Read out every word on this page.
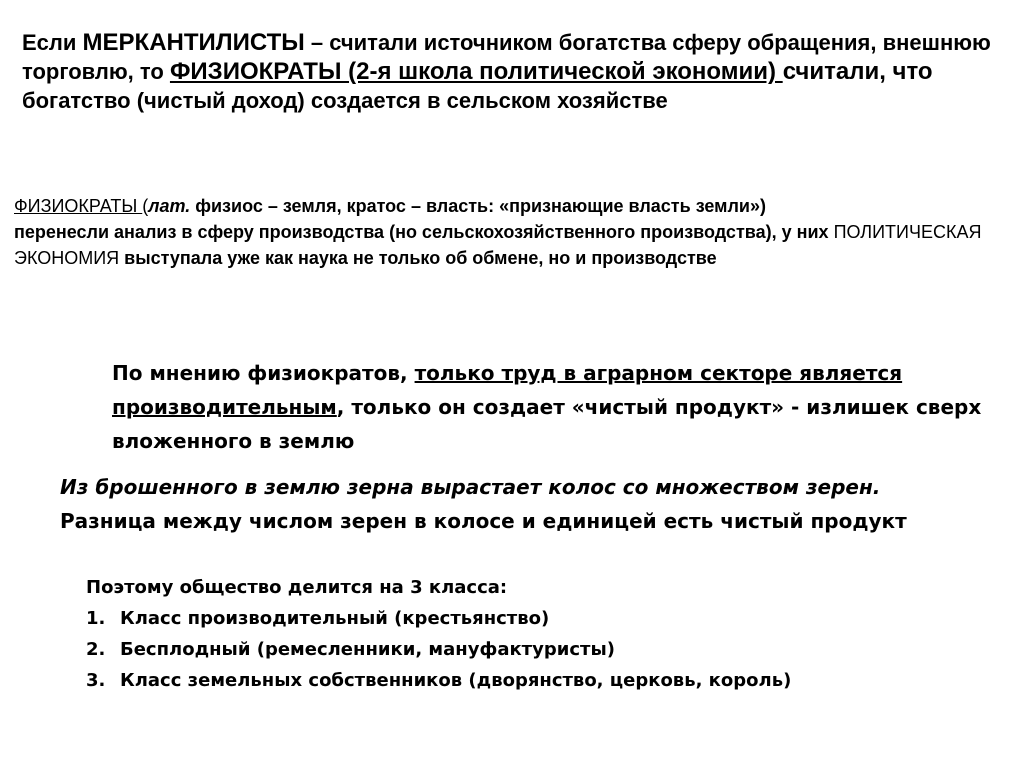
Если МЕРКАНТИЛИСТЫ – считали источником богатства сферу обращения, внешнюю торговлю, то ФИЗИОКРАТЫ (2-я школа политической экономии) считали, что богатство (чистый доход) создается в сельском хозяйстве

ФИЗИОКРАТЫ (лат. физиос – земля, кратос – власть: «признающие власть земли»)
перенесли анализ в сферу производства (но сельскохозяйственного производства), у них ПОЛИТИЧЕСКАЯ ЭКОНОМИЯ выступала уже как наука не только об обмене, но и производстве

По мнению физиократов, только труд в аграрном секторе является производительным, только он создает «чистый продукт» - излишек сверх вложенного в землю

Из брошенного в землю зерна вырастает колос со множеством зерен. Разница между числом зерен в колосе и единицей есть чистый продукт

Поэтому общество делится на 3 класса:
1. Класс производительный (крестьянство)
2. Бесплодный (ремесленники, мануфактуристы)
3. Класс земельных собственников (дворянство, церковь, король)
